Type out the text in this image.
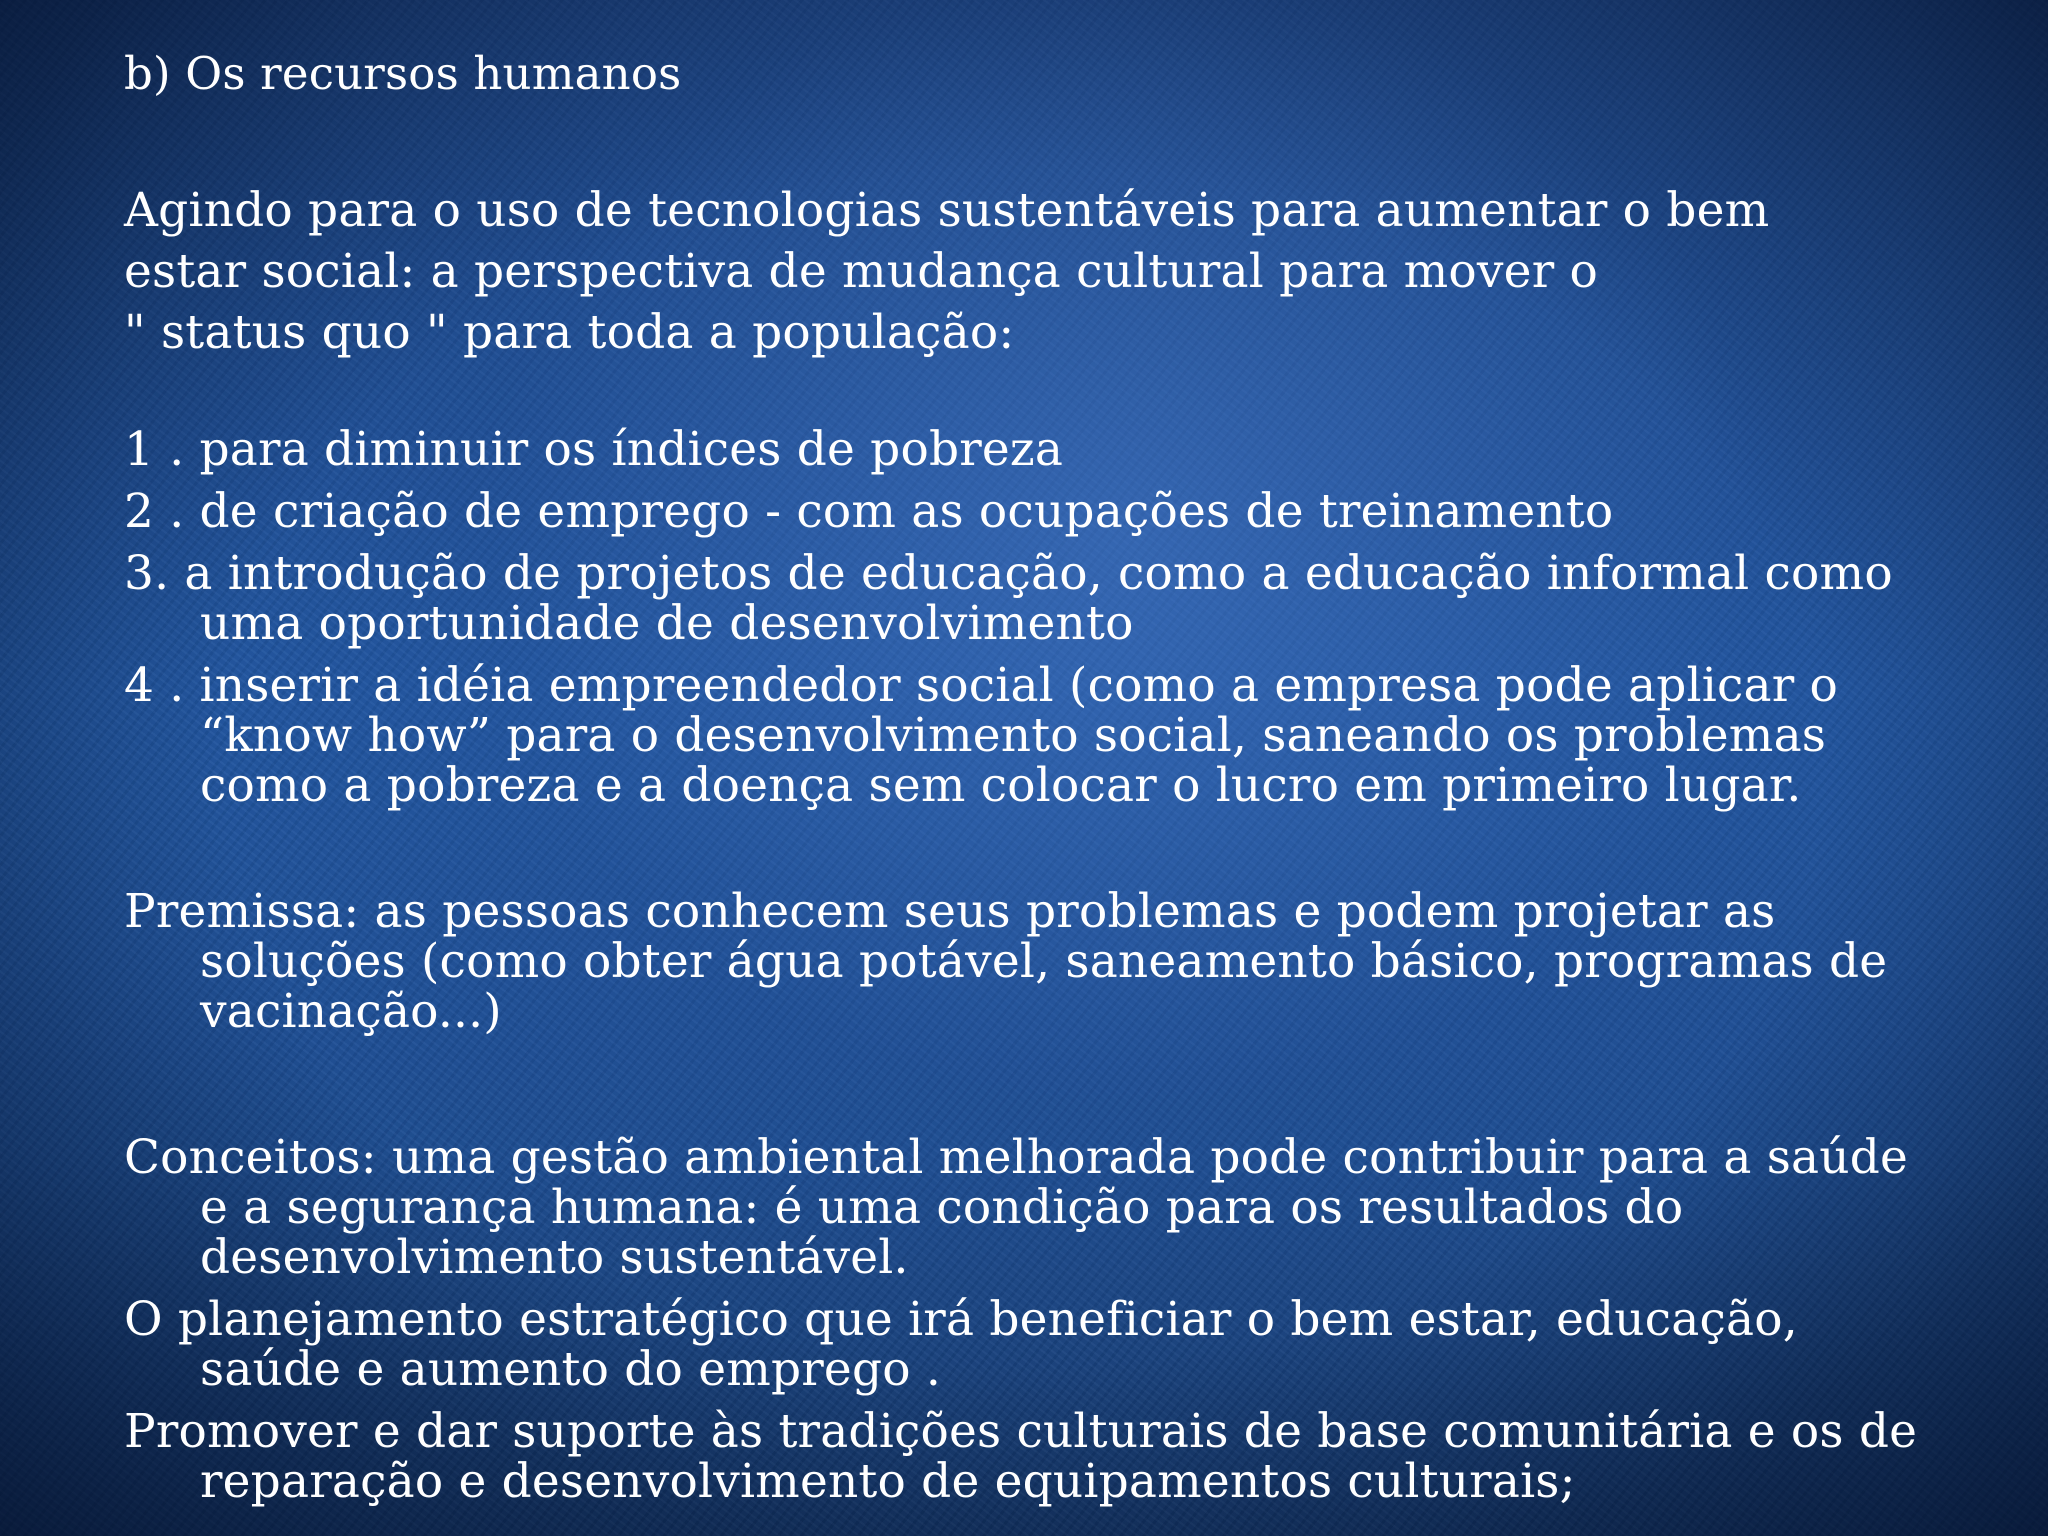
b) Os recursos humanos
Agindo para o uso de tecnologias sustentáveis para aumentar o bem
estar social: a perspectiva de mudança cultural para mover o
" status quo " para toda a população:
1 . para diminuir os índices de pobreza
2 . de criação de emprego - com as ocupações de treinamento
3. a introdução de projetos de educação, como a educação informal como uma oportunidade de desenvolvimento
4 . inserir a idéia empreendedor social (como a empresa pode aplicar o “know how” para o desenvolvimento social, saneando os problemas como a pobreza e a doença sem colocar o lucro em primeiro lugar.

Premissa: as pessoas conhecem seus problemas e podem projetar as soluções (como obter água potável, saneamento básico, programas de vacinação...)

Conceitos: uma gestão ambiental melhorada pode contribuir para a saúde e a segurança humana: é uma condição para os resultados do desenvolvimento sustentável.

O planejamento estratégico que irá beneficiar o bem estar, educação, saúde e aumento do emprego .

Promover e dar suporte às tradições culturais de base comunitária e os de reparação e desenvolvimento de equipamentos culturais;
